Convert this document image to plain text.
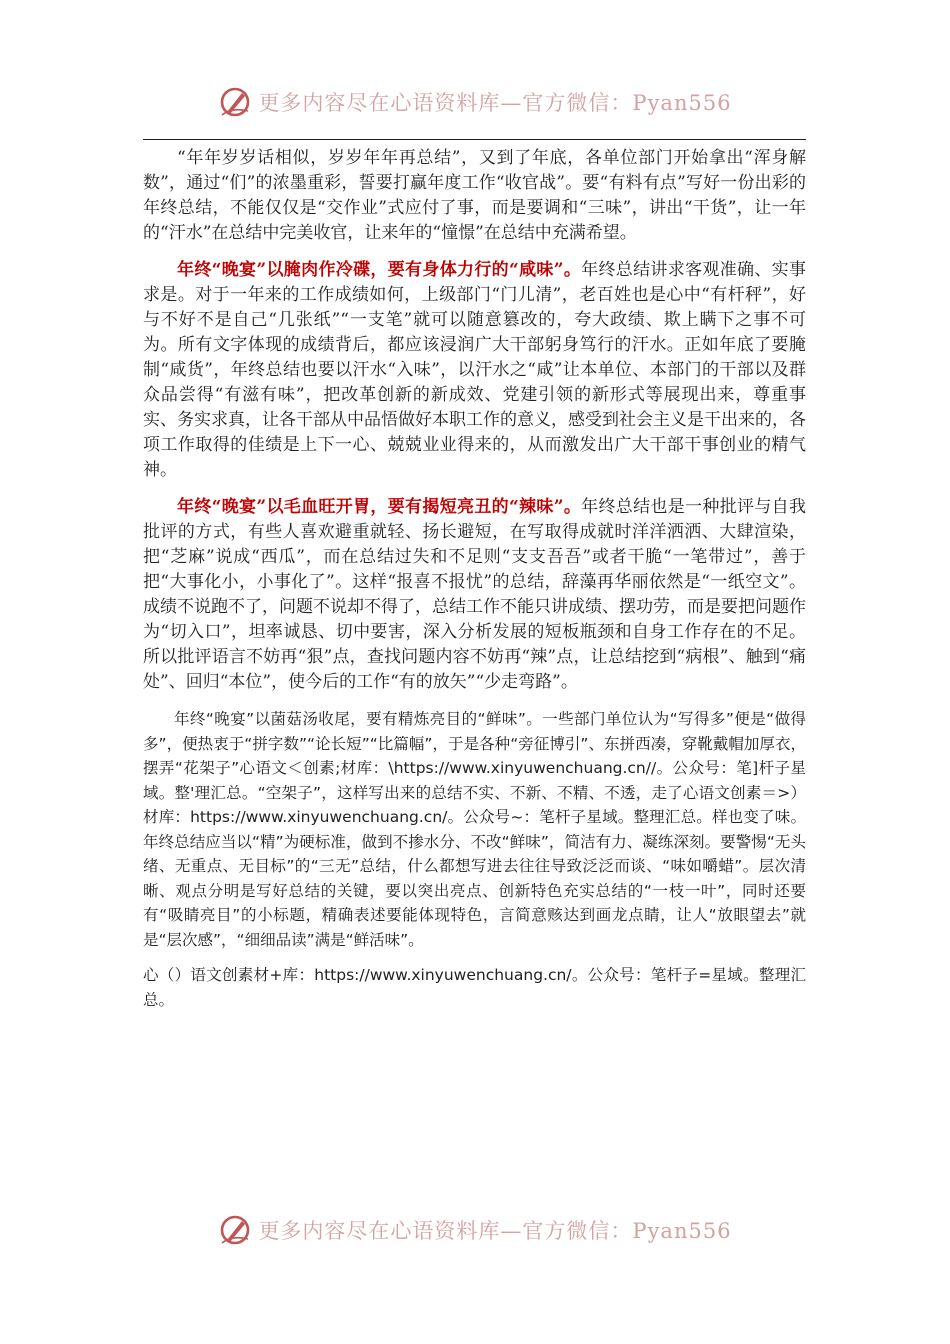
更多内容尽在心语资料库—官方微信：Pyan556

“年年岁岁话相似，岁岁年年再总结”，又到了年底，各单位部门开始拿出“浑身解数”，通过“们”的浓墨重彩，誓要打赢年度工作“收官战”。要“有料有点”写好一份出彩的年终总结，不能仅仅是“交作业”式应付了事，而是要调和“三味”，讲出“干货”，让一年的“汗水”在总结中完美收官，让来年的“憧憬”在总结中充满希望。

年终“晚宴”以腌肉作冷碟，要有身体力行的“咸味”。年终总结讲求客观准确、实事求是。对于一年来的工作成绩如何，上级部门“门儿清”，老百姓也是心中“有杆秤”，好与不好不是自己“几张纸”“一支笔”就可以随意篡改的，夸大政绩、欺上瞒下之事不可为。所有文字体现的成绩背后，都应该浸润广大干部躬身笃行的汗水。正如年底了要腌制“咸货”，年终总结也要以汗水“入味”，以汗水之“咸”让本单位、本部门的干部以及群众品尝得“有滋有味”，把改革创新的新成效、党建引领的新形式等展现出来，尊重事实、务实求真，让各干部从中品悟做好本职工作的意义，感受到社会主义是干出来的，各项工作取得的佳绩是上下一心、兢兢业业得来的，从而激发出广大干部干事创业的精气神。

年终“晚宴”以毛血旺开胃，要有揭短亮丑的“辣味”。年终总结也是一种批评与自我批评的方式，有些人喜欢避重就轻、扬长避短，在写取得成就时洋洋洒洒、大肆渲染，把“芝麻”说成“西瓜”，而在总结过失和不足则“支支吾吾”或者干脆“一笔带过”，善于把“大事化小，小事化了”。这样“报喜不报忧”的总结，辞藻再华丽依然是“一纸空文”。成绩不说跑不了，问题不说却不得了，总结工作不能只讲成绩、摆功劳，而是要把问题作为“切入口”，坦率诚恳、切中要害，深入分析发展的短板瓶颈和自身工作存在的不足。所以批评语言不妨再“狠”点，查找问题内容不妨再“辣”点，让总结挖到“病根”、触到“痛处”、回归“本位”，使今后的工作“有的放矢”“少走弯路”。

年终“晚宴”以菌菇汤收尾，要有精炼亮目的“鲜味”。一些部门单位认为“写得多”便是“做得多”，便热衷于“拼字数”“论长短”“比篇幅”，于是各种“旁征博引”、东拼西凑，穿靴戴帽加厚衣，摆弄“花架子”心语文＜创素;材库：\https://www.xinyuwenchuang.cn//。公众号：笔]杆子星域。整'理汇总。“空架子”，这样写出来的总结不实、不新、不精、不透，走了心语文创素＝>）材库：https://www.xinyuwenchuang.cn/。公众号~：笔杆子星域。整理汇总。样也变了味。年终总结应当以“精”为硬标准，做到不掺水分、不改“鲜味”，简洁有力、凝练深刻。要警惕“无头绪、无重点、无目标”的“三无”总结，什么都想写进去往往导致泛泛而谈、“味如嚼蜡”。层次清晰、观点分明是写好总结的关键，要以突出亮点、创新特色充实总结的“一枝一叶”，同时还要有“吸睛亮目”的小标题，精确表述要能体现特色，言简意赅达到画龙点睛，让人“放眼望去”就是“层次感”，“细细品读”满是“鲜活味”。

心（）语文创素材+库：https://www.xinyuwenchuang.cn/。公众号：笔杆子=星域。整理汇总。

更多内容尽在心语资料库—官方微信：Pyan556
